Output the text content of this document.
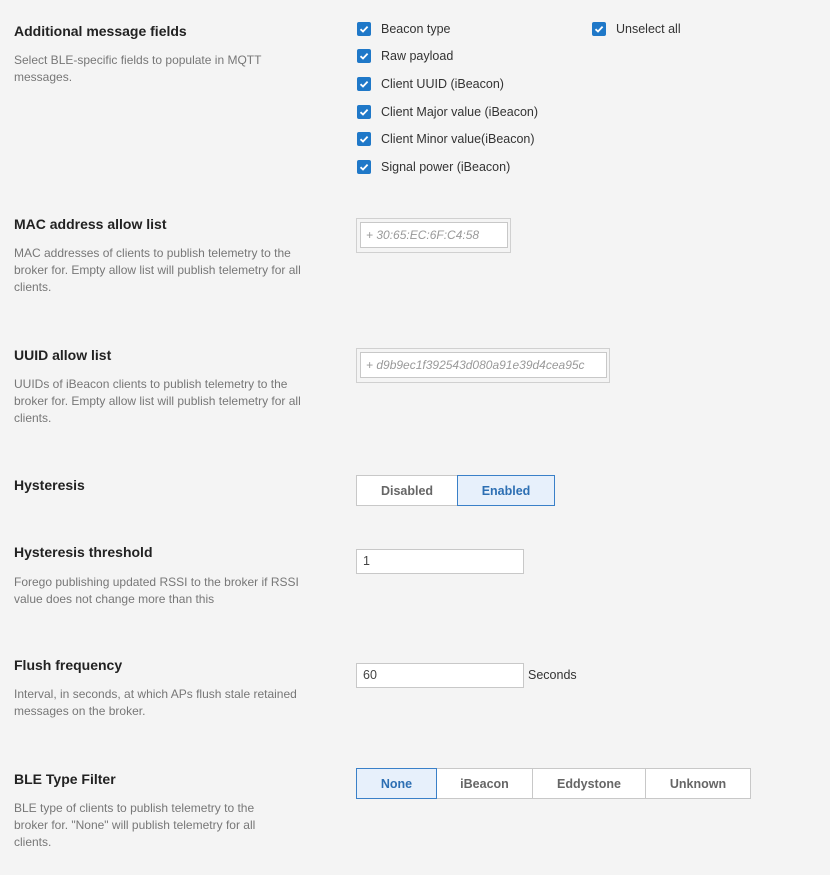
Additional message fields
Select BLE-specific fields to populate in MQTT messages.
Beacon type
Raw payload
Client UUID (iBeacon)
Client Major value (iBeacon)
Client Minor value(iBeacon)
Signal power (iBeacon)
Unselect all
MAC address allow list
MAC addresses of clients to publish telemetry to the broker for. Empty allow list will publish telemetry for all clients.
+ 30:65:EC:6F:C4:58
UUID allow list
UUIDs of iBeacon clients to publish telemetry to the broker for. Empty allow list will publish telemetry for all clients.
+ d9b9ec1f392543d080a91e39d4cea95c
Hysteresis	Disabled	Enabled
Hysteresis threshold
Forego publishing updated RSSI to the broker if RSSI value does not change more than this
1
Flush frequency
Interval, in seconds, at which APs flush stale retained messages on the broker.
60	Seconds
BLE Type Filter
BLE type of clients to publish telemetry to the broker for. "None" will publish telemetry for all clients.
None	iBeacon	Eddystone	Unknown
